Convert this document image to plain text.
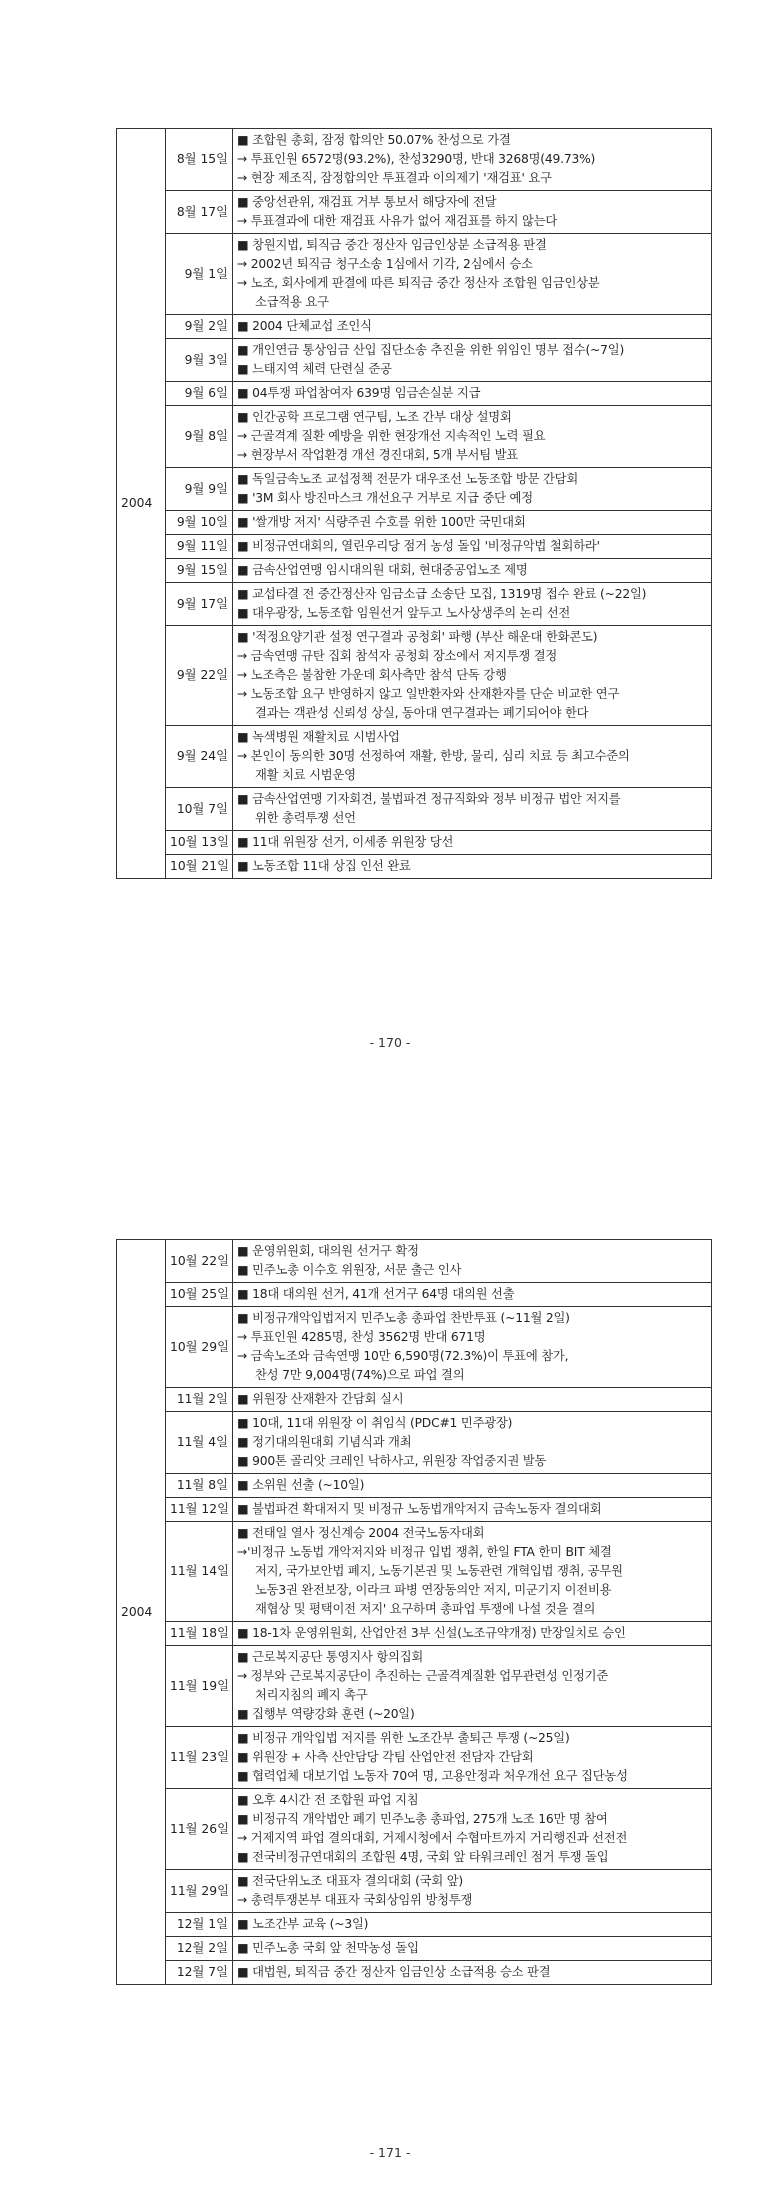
2004	8월 15일	■ 조합원 총회, 잠정 합의안 50.07% 찬성으로 가결
→ 투표인원 6572명(93.2%), 찬성3290명, 반대 3268명(49.73%)
→ 현장 제조직, 잠정합의안 투표결과 이의제기 '재검표' 요구

	8월 17일	■ 중앙선관위, 재검표 거부 통보서 해당자에 전달
→ 투표결과에 대한 재검표 사유가 없어 재검표를 하지 않는다

	9월 1일	■ 창원지법, 퇴직금 중간 정산자 임금인상분 소급적용 판결
→ 2002년 퇴직금 청구소송 1심에서 기각, 2심에서 승소
→ 노조, 회사에게 판결에 따른 퇴직금 중간 정산자 조합원 임금인상분
소급적용 요구

	9월 2일	■ 2004 단체교섭 조인식

	9월 3일	■ 개인연금 통상임금 산입 집단소송 추진을 위한 위임인 명부 접수(~7일)
■ 느태지역 체력 단련실 준공

	9월 6일	■ 04투쟁 파업참여자 639명 임금손실분 지급

	9월 8일	■ 인간공학 프로그램 연구팀, 노조 간부 대상 설명회
→ 근골격계 질환 예방을 위한 현장개선 지속적인 노력 필요
→ 현장부서 작업환경 개선 경진대회, 5개 부서팀 발표

	9월 9일	■ 독일금속노조 교섭정책 전문가 대우조선 노동조합 방문 간담회
■ '3M 회사 방진마스크 개선요구 거부로 지급 중단 예정

	9월 10일	■ '쌀개방 저지' 식량주권 수호를 위한 100만 국민대회

	9월 11일	■ 비정규연대회의, 열린우리당 점거 농성 돌입 '비정규악법 철회하라'

	9월 15일	■ 금속산업연맹 임시대의원 대회, 현대중공업노조 제명

	9월 17일	■ 교섭타결 전 중간정산자 임금소급 소송단 모집, 1319명 접수 완료 (~22일)
■ 대우광장, 노동조합 임원선거 앞두고 노사상생주의 논리 선전

	9월 22일	■ '적정요양기관 설정 연구결과 공청회' 파행 (부산 해운대 한화콘도)
→ 금속연맹 규탄 집회 참석자 공청회 장소에서 저지투쟁 결정
→ 노조측은 불참한 가운데 회사측만 참석 단독 강행
→ 노동조합 요구 반영하지 않고 일반환자와 산재환자를 단순 비교한 연구
결과는 객관성 신뢰성 상실, 동아대 연구결과는 폐기되어야 한다

	9월 24일	■ 녹색병원 재활치료 시범사업
→ 본인이 동의한 30명 선정하여 재활, 한방, 물리, 심리 치료 등 최고수준의
재활 치료 시범운영

	10월 7일	■ 금속산업연맹 기자회견, 불법파견 정규직화와 정부 비정규 법안 저지를
위한 총력투쟁 선언

	10월 13일	■ 11대 위원장 선거, 이세종 위원장 당선

	10월 21일	■ 노동조합 11대 상집 인선 완료
- 170 -
2004	10월 22일	■ 운영위원회, 대의원 선거구 확정
■ 민주노총 이수호 위원장, 서문 출근 인사

	10월 25일	■ 18대 대의원 선거, 41개 선거구 64명 대의원 선출

	10월 29일	■ 비정규개악입법저지 민주노총 총파업 찬반투표 (~11월 2일)
→ 투표인원 4285명, 찬성 3562명 반대 671명
→ 금속노조와 금속연맹 10만 6,590명(72.3%)이 투표에 참가,
찬성 7만 9,004명(74%)으로 파업 결의

	11월 2일	■ 위원장 산재환자 간담회 실시

	11월 4일	■ 10대, 11대 위원장 이 취임식 (PDC#1 민주광장)
■ 정기대의원대회 기념식과 개최
■ 900톤 골리앗 크레인 낙하사고, 위원장 작업중지권 발동

	11월 8일	■ 소위원 선출 (~10일)

	11월 12일	■ 불법파견 확대저지 및 비정규 노동법개악저지 금속노동자 결의대회

	11월 14일	■ 전태일 열사 정신계승 2004 전국노동자대회
→'비정규 노동법 개악저지와 비정규 입법 쟁취, 한일 FTA 한미 BIT 체결
저지, 국가보안법 폐지, 노동기본권 및 노동관련 개혁입법 쟁취, 공무원
노동3권 완전보장, 이라크 파병 연장동의안 저지, 미군기지 이전비용
재협상 및 평택이전 저지' 요구하며 총파업 투쟁에 나설 것을 결의

	11월 18일	■ 18-1차 운영위원회, 산업안전 3부 신설(노조규약개정) 만장일치로 승인

	11월 19일	■ 근로복지공단 통영지사 항의집회
→ 정부와 근로복지공단이 추진하는 근골격계질환 업무관련성 인정기준
처리지침의 폐지 촉구
■ 집행부 역량강화 훈련 (~20일)

	11월 23일	■ 비정규 개악입법 저지를 위한 노조간부 출퇴근 투쟁 (~25일)
■ 위원장 + 사측 산안담당 각팀 산업안전 전담자 간담회
■ 협력업체 대보기업 노동자 70여 명, 고용안정과 처우개선 요구 집단농성

	11월 26일	■ 오후 4시간 전 조합원 파업 지침
■ 비정규직 개악법안 폐기 민주노총 총파업, 275개 노조 16만 명 참여
→ 거제지역 파업 결의대회, 거제시청에서 수협마트까지 거리행진과 선전전
■ 전국비정규연대회의 조합원 4명, 국회 앞 타워크레인 점거 투쟁 돌입

	11월 29일	■ 전국단위노조 대표자 결의대회 (국회 앞)
→ 총력투쟁본부 대표자 국회상임위 방청투쟁

	12월 1일	■ 노조간부 교육 (~3일)

	12월 2일	■ 민주노총 국회 앞 천막농성 돌입

	12월 7일	■ 대법원, 퇴직금 중간 정산자 임금인상 소급적용 승소 판결
- 171 -
